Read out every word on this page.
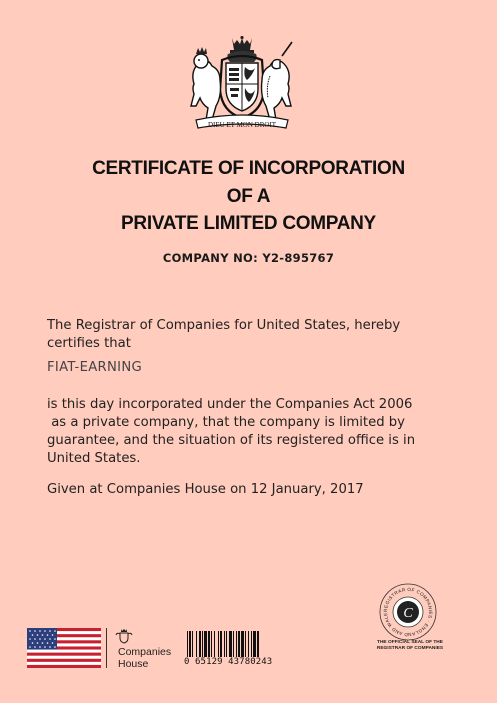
DIEU ET MON DROIT
CERTIFICATE OF INCORPORATION
OF A
PRIVATE LIMITED COMPANY
COMPANY NO: Y2-895767
The Registrar of Companies for United States, hereby
certifies that
FIAT-EARNING
is this day incorporated under the Companies Act 2006
as a private company, that the company is limited by
guarantee, and the situation of its registered office is in
United States.
Given at Companies House on 12 January, 2017
Companies
House	0 65129 43780243
C
REGISTRAR OF COMPANIES · ENGLAND AND WALE
THE OFFICIAL SEAL OF THE
REGISTRAR OF COMPANIES
